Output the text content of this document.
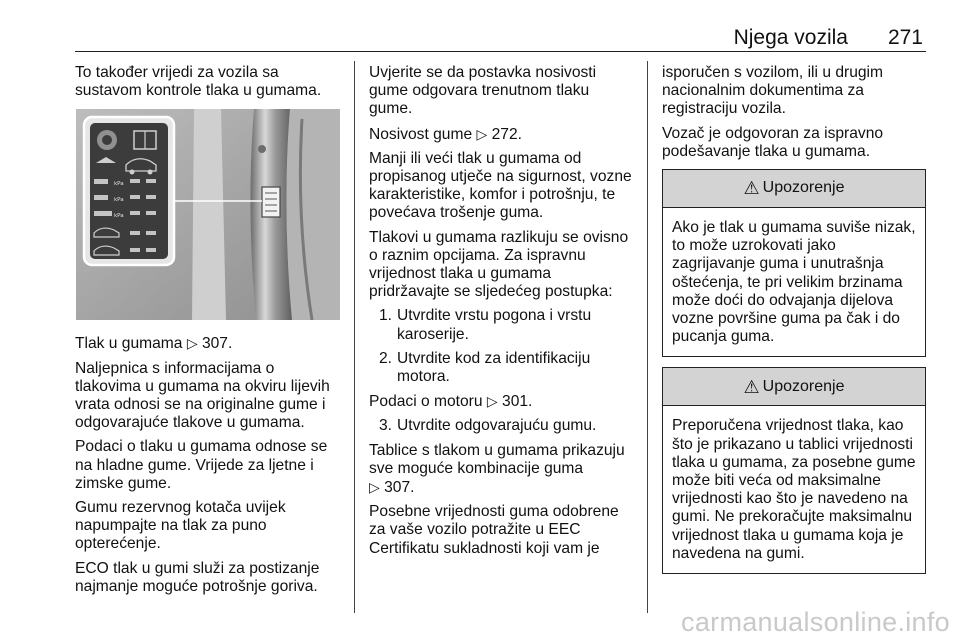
Njega vozila 271

To također vrijedi za vozila sa sustavom kontrole tlaka u gumama.

kPa
kPa
kPa

Tlak u gumama ▷ 307.

Naljepnica s informacijama o tlakovima u gumama na okviru lijevih vrata odnosi se na originalne gume i odgovarajuće tlakove u gumama.

Podaci o tlaku u gumama odnose se na hladne gume. Vrijede za ljetne i zimske gume.

Gumu rezervnog kotača uvijek napumpajte na tlak za puno opterećenje.

ECO tlak u gumi služi za postizanje najmanje moguće potrošnje goriva.

Uvjerite se da postavka nosivosti gume odgovara trenutnom tlaku gume.

Nosivost gume ▷ 272.

Manji ili veći tlak u gumama od propisanog utječe na sigurnost, vozne karakteristike, komfor i potrošnju, te povećava trošenje guma.

Tlakovi u gumama razlikuju se ovisno o raznim opcijama. Za ispravnu vrijednost tlaka u gumama pridržavajte se sljedećeg postupka:

1. Utvrdite vrstu pogona i vrstu karoserije.
2. Utvrdite kod za identifikaciju motora.

Podaci o motoru ▷ 301.

3. Utvrdite odgovarajuću gumu.

Tablice s tlakom u gumama prikazuju sve moguće kombinacije guma
▷ 307.

Posebne vrijednosti guma odobrene za vaše vozilo potražite u EEC Certifikatu sukladnosti koji vam je

isporučen s vozilom, ili u drugim nacionalnim dokumentima za registraciju vozila.

Vozač je odgovoran za ispravno podešavanje tlaka u gumama.

⚠ Upozorenje
Ako je tlak u gumama suviše nizak, to može uzrokovati jako zagrijavanje guma i unutrašnja oštećenja, te pri velikim brzinama može doći do odvajanja dijelova vozne površine guma pa čak i do pucanja guma.
⚠ Upozorenje
Preporučena vrijednost tlaka, kao što je prikazano u tablici vrijednosti tlaka u gumama, za posebne gume može biti veća od maksimalne vrijednosti kao što je navedeno na gumi. Ne prekoračujte maksimalnu vrijednost tlaka u gumama koja je navedena na gumi.
carmanualsonline.info
